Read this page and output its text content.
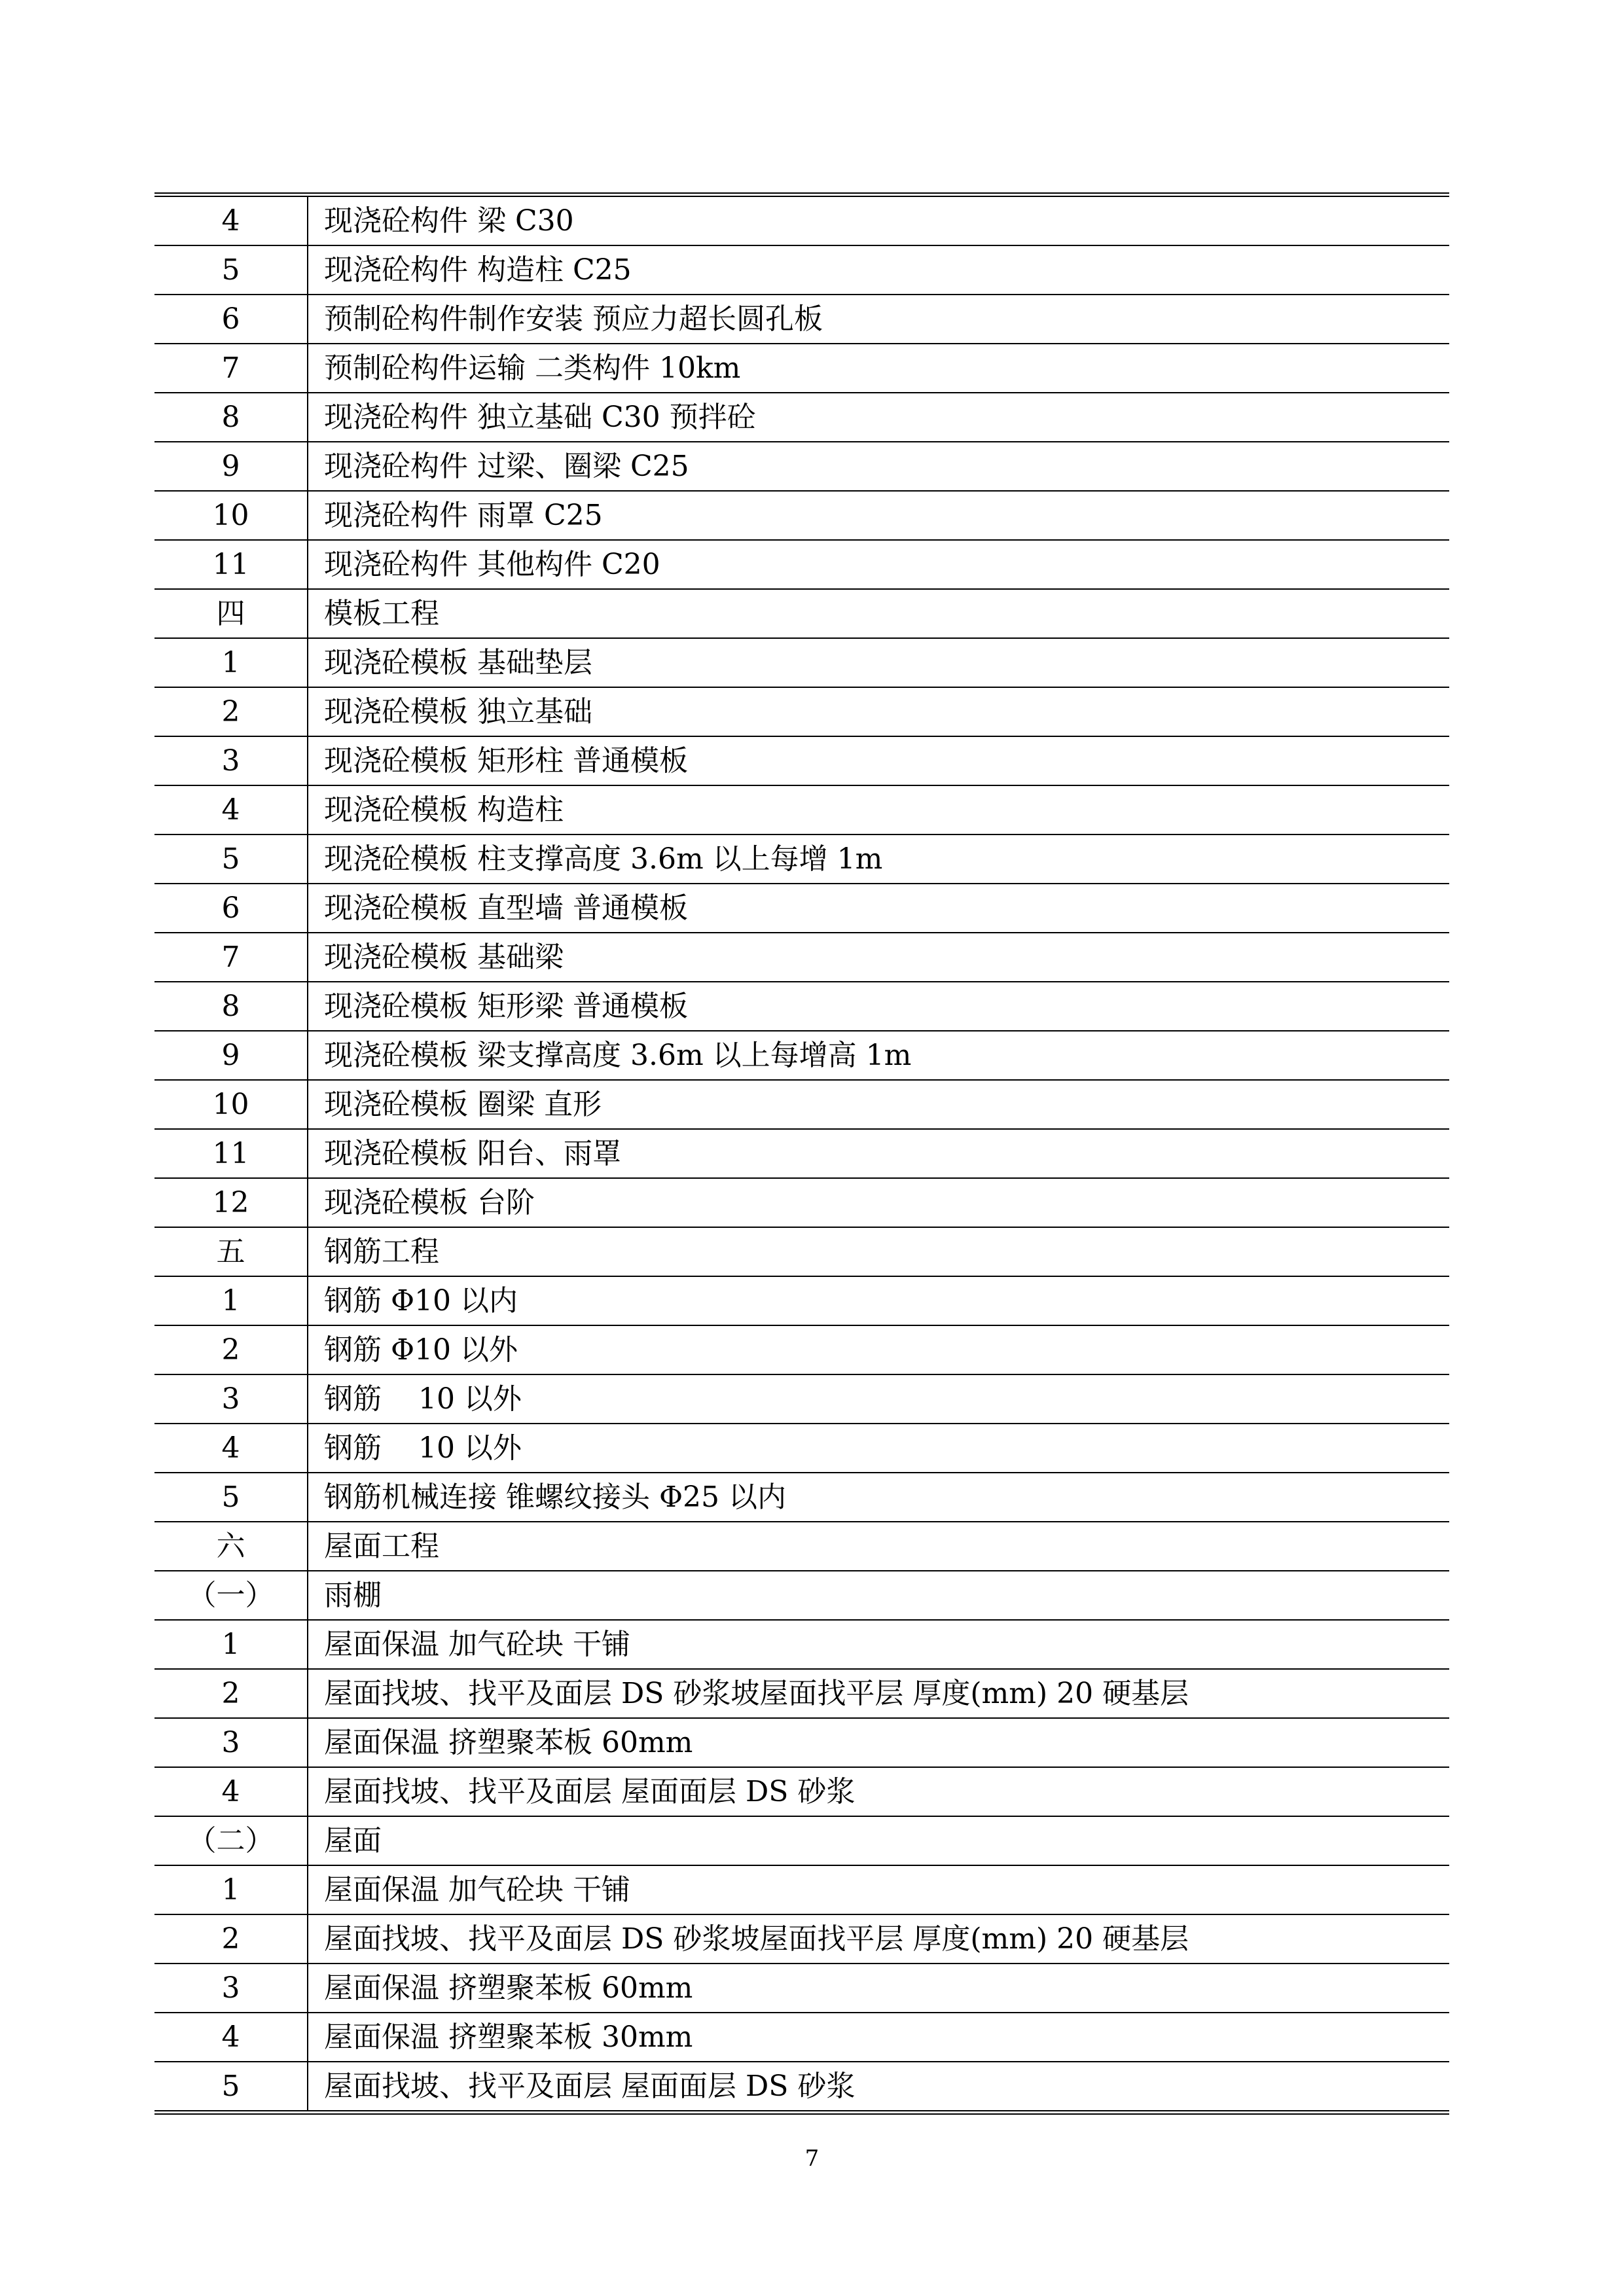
4	现浇砼构件 梁 C30
5	现浇砼构件 构造柱 C25
6	预制砼构件制作安装 预应力超长圆孔板
7	预制砼构件运输 二类构件 10km
8	现浇砼构件 独立基础 C30 预拌砼
9	现浇砼构件 过梁、圈梁 C25
10	现浇砼构件 雨罩 C25
11	现浇砼构件 其他构件 C20
四	模板工程
1	现浇砼模板 基础垫层
2	现浇砼模板 独立基础
3	现浇砼模板 矩形柱 普通模板
4	现浇砼模板 构造柱
5	现浇砼模板 柱支撑高度 3.6m 以上每增 1m
6	现浇砼模板 直型墙 普通模板
7	现浇砼模板 基础梁
8	现浇砼模板 矩形梁 普通模板
9	现浇砼模板 梁支撑高度 3.6m 以上每增高 1m
10	现浇砼模板 圈梁 直形
11	现浇砼模板 阳台、雨罩
12	现浇砼模板 台阶
五	钢筋工程
1	钢筋 Φ10 以内
2	钢筋 Φ10 以外
3	钢筋    10 以外
4	钢筋    10 以外
5	钢筋机械连接 锥螺纹接头 Φ25 以内
六	屋面工程
（一）	雨棚
1	屋面保温 加气砼块 干铺
2	屋面找坡、找平及面层 DS 砂浆坡屋面找平层 厚度(mm) 20 硬基层
3	屋面保温 挤塑聚苯板 60mm
4	屋面找坡、找平及面层 屋面面层 DS 砂浆
（二）	屋面
1	屋面保温 加气砼块 干铺
2	屋面找坡、找平及面层 DS 砂浆坡屋面找平层 厚度(mm) 20 硬基层
3	屋面保温 挤塑聚苯板 60mm
4	屋面保温 挤塑聚苯板 30mm
5	屋面找坡、找平及面层 屋面面层 DS 砂浆
7
